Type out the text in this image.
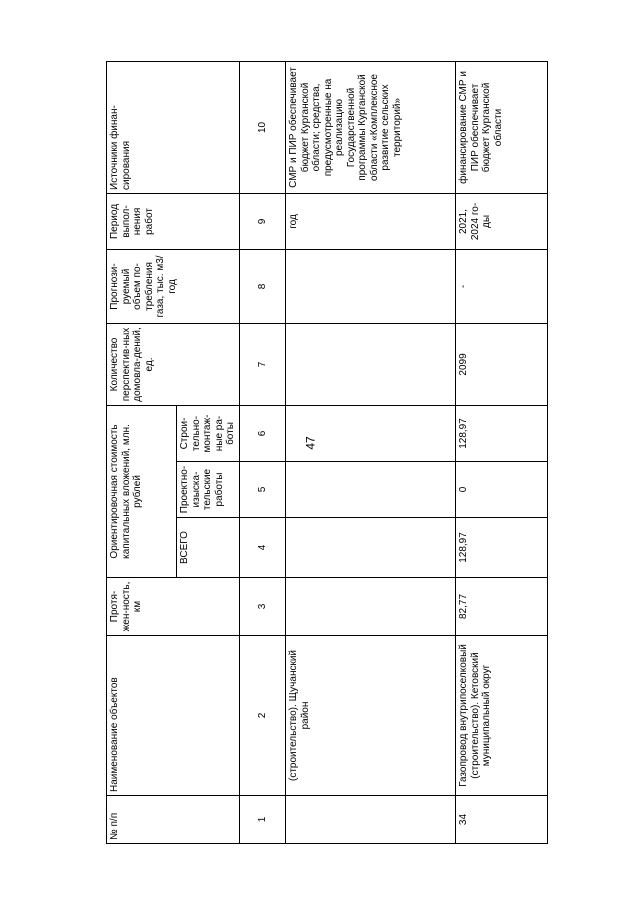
47
№ п/п	Наименование объектов	Протя-жен-ность, км	Ориентировочная стоимость капитальных вложений, млн. рублей			Количество перспектив-ных домовла-дений, ед.	Прогнози-руемый объем по-требления газа, тыс. м3/год	Период выпол-нения работ	Источники финан-сирования
			ВСЕГО	Проектно-изыска-тельские работы	Строи-тельно-монтаж-ные ра-боты				
1	2	3	4	5	6	7	8	9	10
	(строительство). Щучанский район							год	СМР и ПИР обеспечивает бюджет Курганской области; средства, предусмотренные на реализацию Государственной программы Курганской области «Комплексное развитие сельских территорий»
34	Газопровод внутрипоселковый (строительство). Кетовский муниципальный округ	82,77	128,97	0	128,97	2099	-	2021, 2024 го-ды	финансирование СМР и ПИР обеспечивает бюджет Курганской области
